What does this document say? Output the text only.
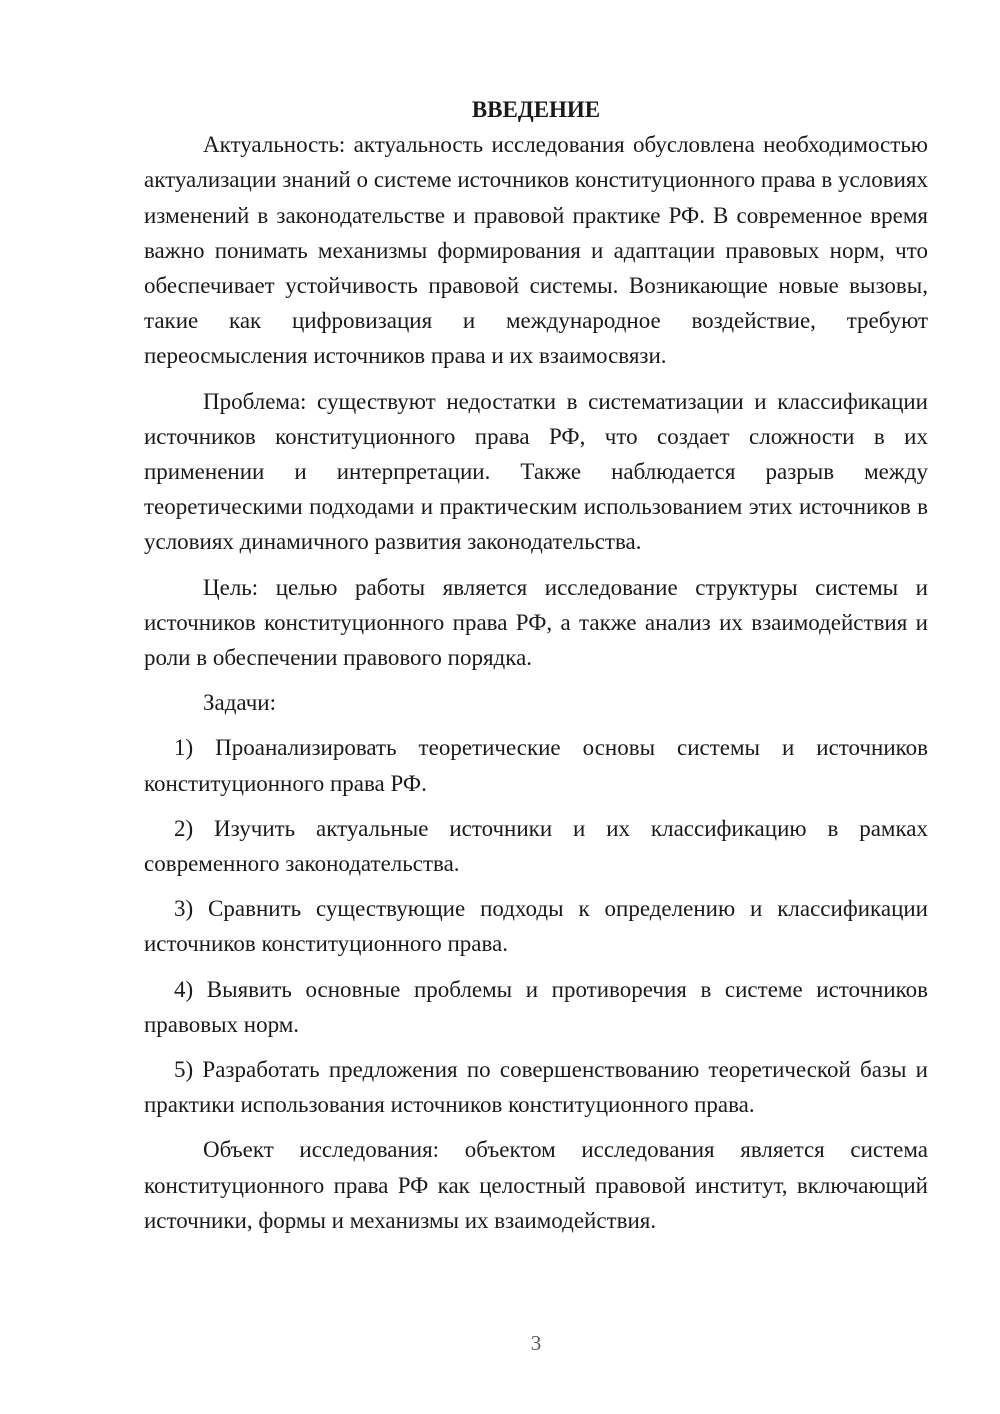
ВВЕДЕНИЕ

Актуальность: актуальность исследования обусловлена необходимостью актуализации знаний о системе источников конституционного права в условиях изменений в законодательстве и правовой практике РФ. В современное время важно понимать механизмы формирования и адаптации правовых норм, что обеспечивает устойчивость правовой системы. Возникающие новые вызовы, такие как цифровизация и международное воздействие, требуют переосмысления источников права и их взаимосвязи.

Проблема: существуют недостатки в систематизации и классификации источников конституционного права РФ, что создает сложности в их применении и интерпретации. Также наблюдается разрыв между теоретическими подходами и практическим использованием этих источников в условиях динамичного развития законодательства.

Цель: целью работы является исследование структуры системы и источников конституционного права РФ, а также анализ их взаимодействия и роли в обеспечении правового порядка.

Задачи:

1) Проанализировать теоретические основы системы и источников конституционного права РФ.

2) Изучить актуальные источники и их классификацию в рамках современного законодательства.

3) Сравнить существующие подходы к определению и классификации источников конституционного права.

4) Выявить основные проблемы и противоречия в системе источников правовых норм.

5) Разработать предложения по совершенствованию теоретической базы и практики использования источников конституционного права.

Объект исследования: объектом исследования является система конституционного права РФ как целостный правовой институт, включающий источники, формы и механизмы их взаимодействия.

3
